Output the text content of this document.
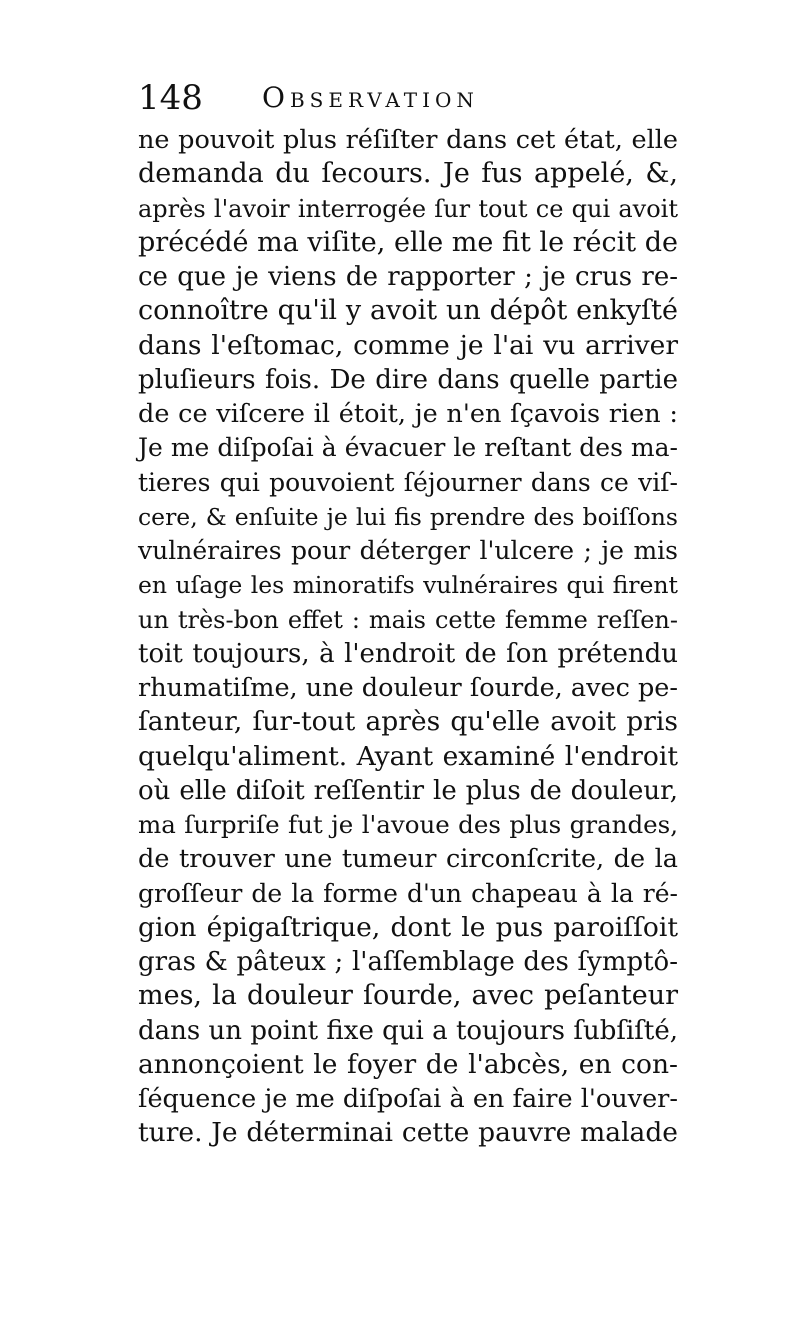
148 Observation
ne pouvoit plus réſiſter dans cet état, elle
demanda du ſecours. Je fus appelé, &,
après l'avoir interrogée ſur tout ce qui avoit
précédé ma viſite, elle me fit le récit de
ce que je viens de rapporter ; je crus re-
connoître qu'il y avoit un dépôt enkyſté
dans l'eſtomac, comme je l'ai vu arriver
pluſieurs fois. De dire dans quelle partie
de ce viſcere il étoit, je n'en ſçavois rien :
Je me diſpoſai à évacuer le reſtant des ma-
tieres qui pouvoient ſéjourner dans ce viſ-
cere, & enſuite je lui fis prendre des boiſſons
vulnéraires pour déterger l'ulcere ; je mis
en uſage les minoratifs vulnéraires qui firent
un très-bon effet : mais cette femme reſſen-
toit toujours, à l'endroit de ſon prétendu
rhumatiſme, une douleur ſourde, avec pe-
ſanteur, ſur-tout après qu'elle avoit pris
quelqu'aliment. Ayant examiné l'endroit
où elle diſoit reſſentir le plus de douleur,
ma ſurpriſe fut je l'avoue des plus grandes,
de trouver une tumeur circonſcrite, de la
groſſeur de la forme d'un chapeau à la ré-
gion épigaſtrique, dont le pus paroiſſoit
gras & pâteux ; l'aſſemblage des ſymptô-
mes, la douleur ſourde, avec peſanteur
dans un point fixe qui a toujours ſubſiſté,
annonçoient le foyer de l'abcès, en con-
ſéquence je me diſpoſai à en faire l'ouver-
ture. Je déterminai cette pauvre malade
